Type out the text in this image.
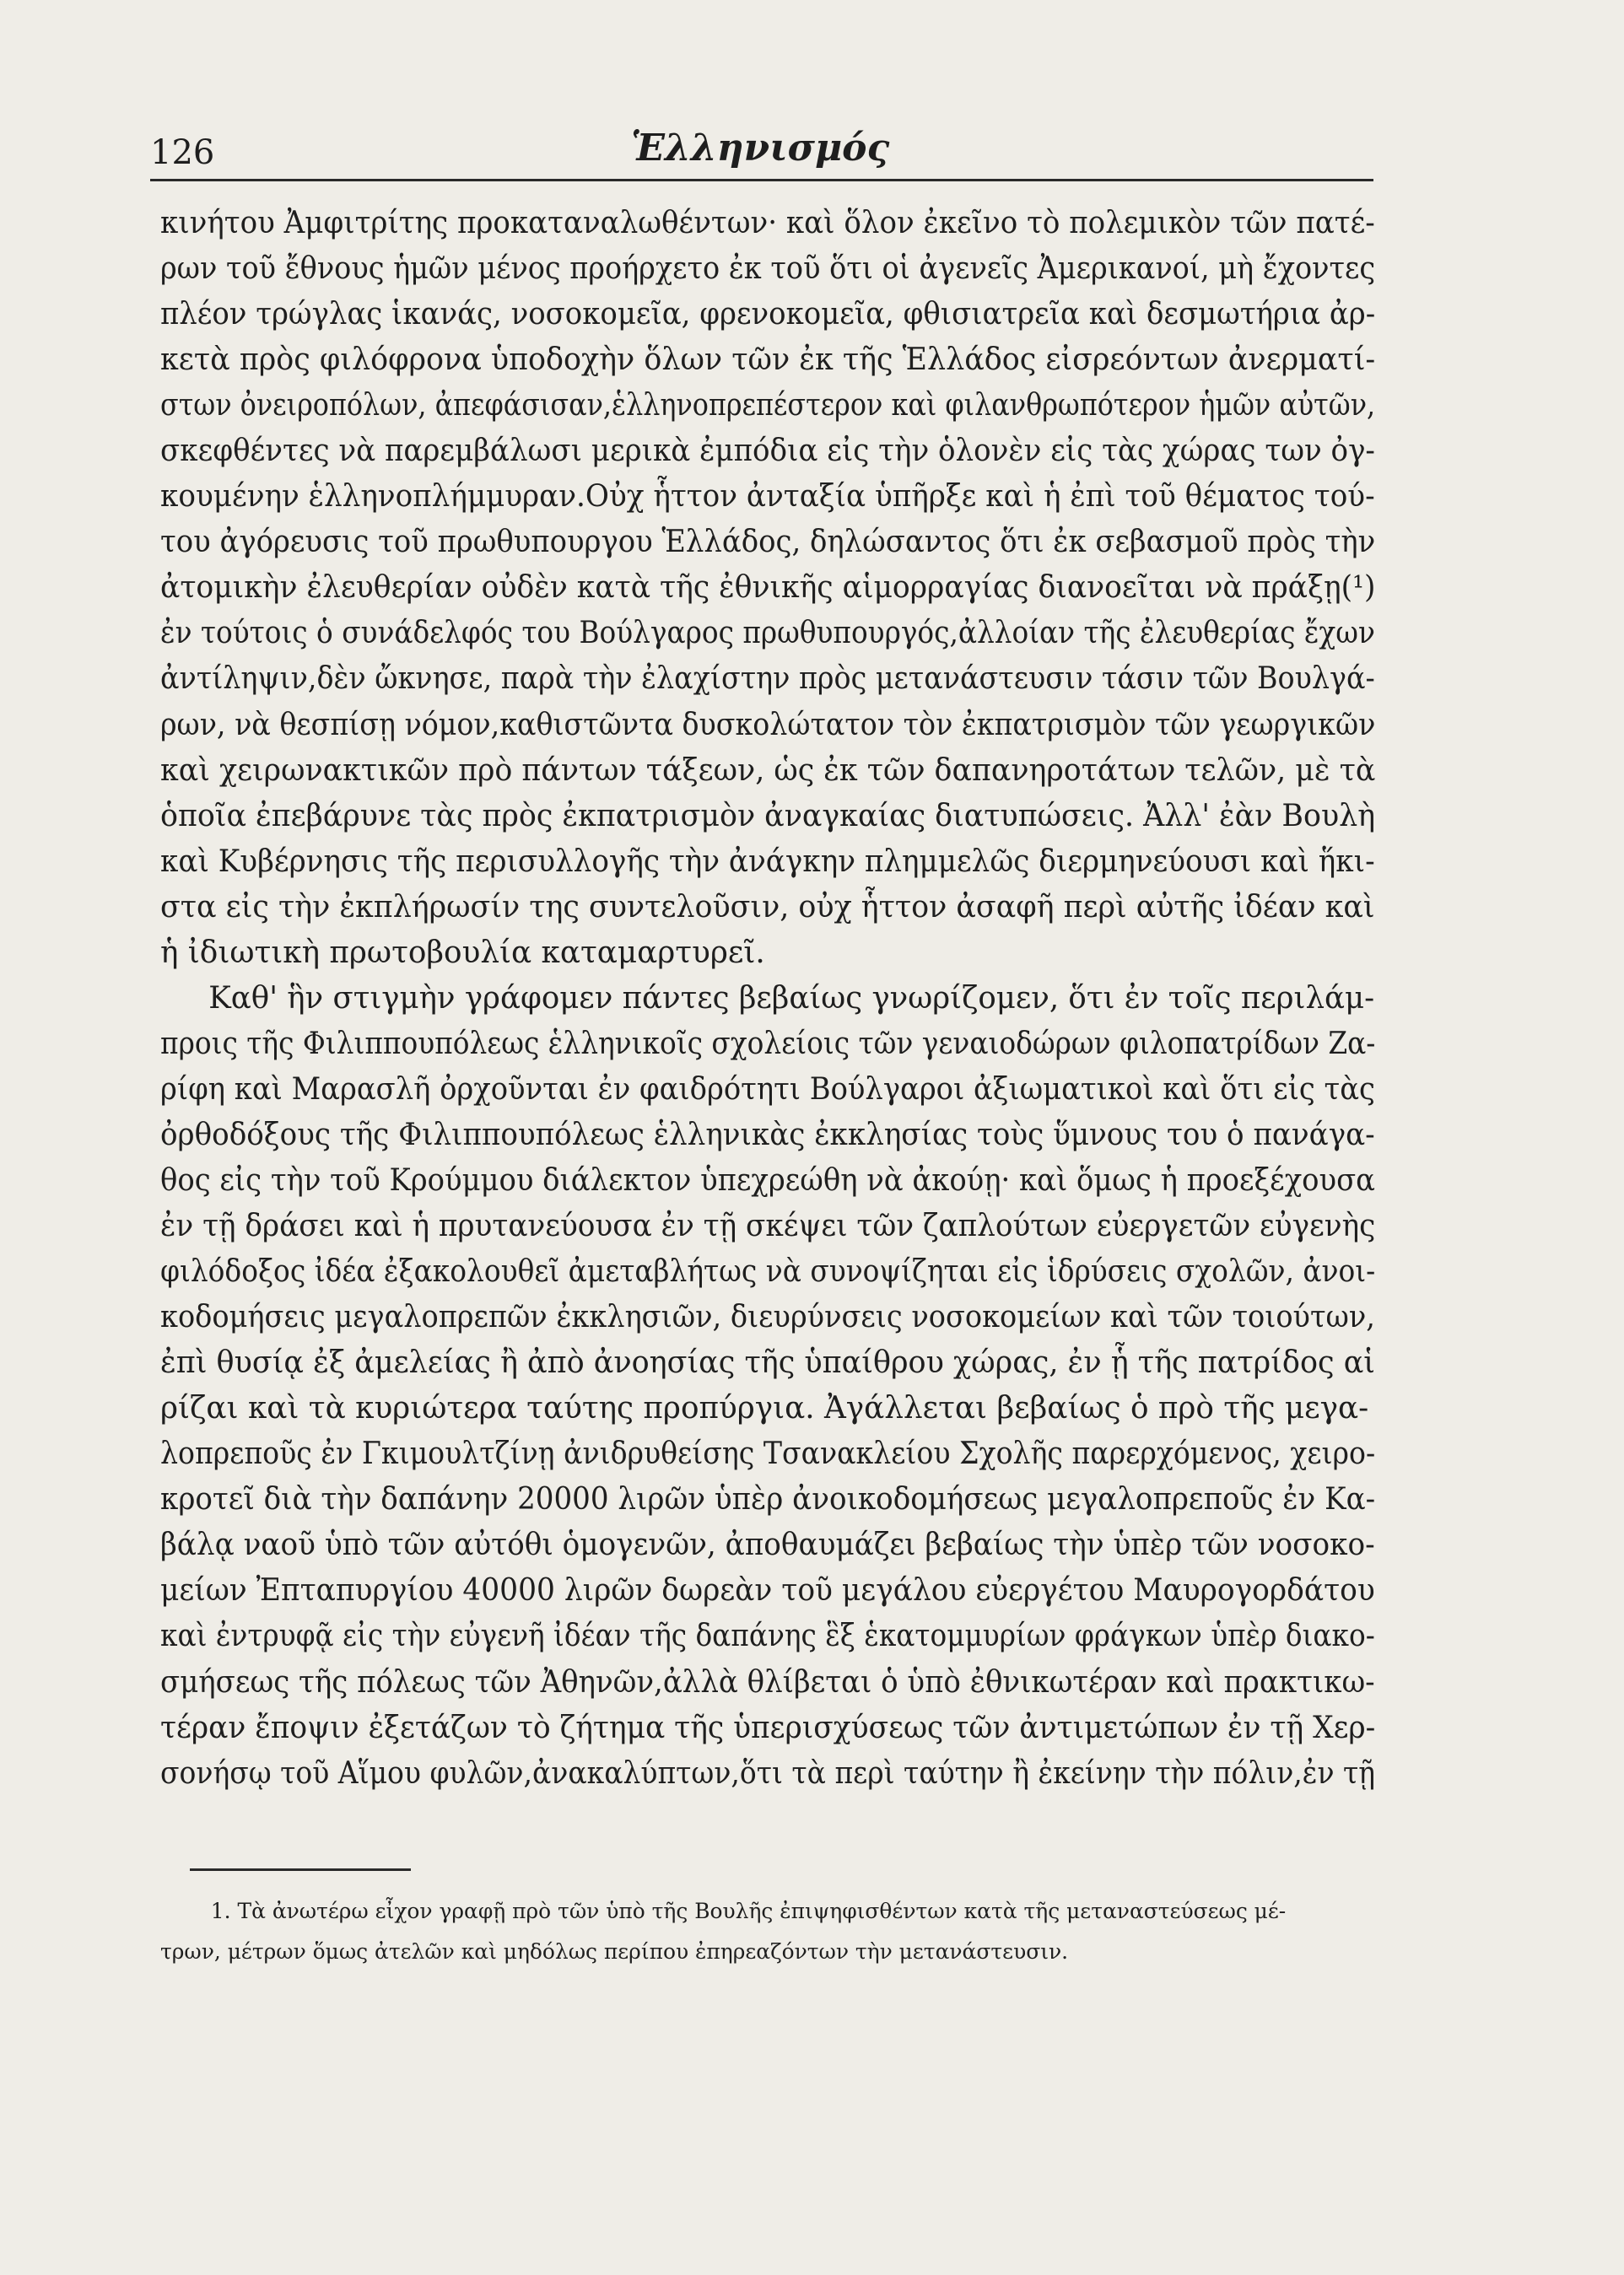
126	Ἑλληνισμός
κινήτου Ἀμφιτρίτης προκαταναλωθέντων· καὶ ὅλον ἐκεῖνο τὸ πολεμικὸν τῶν πατέ-
ρων τοῦ ἔθνους ἡμῶν μένος προήρχετο ἐκ τοῦ ὅτι οἱ ἀγενεῖς Ἀμερικανοί, μὴ ἔχοντες
πλέον τρώγλας ἱκανάς, νοσοκομεῖα, φρενοκομεῖα, φθισιατρεῖα καὶ δεσμωτήρια ἀρ-
κετὰ πρὸς φιλόφρονα ὑποδοχὴν ὅλων τῶν ἐκ τῆς Ἑλλάδος εἰσρεόντων ἀνερματί-
στων ὀνειροπόλων, ἀπεφάσισαν,ἑλληνοπρεπέστερον καὶ φιλανθρωπότερον ἡμῶν αὐτῶν,
σκεφθέντες νὰ παρεμβάλωσι μερικὰ ἐμπόδια εἰς τὴν ὁλονὲν εἰς τὰς χώρας των ὀγ-
κουμένην ἑλληνοπλήμμυραν.Οὐχ ἧττον ἀνταξία ὑπῆρξε καὶ ἡ ἐπὶ τοῦ θέματος τού-
του ἀγόρευσις τοῦ πρωθυπουργου Ἑλλάδος, δηλώσαντος ὅτι ἐκ σεβασμοῦ πρὸς τὴν
ἀτομικὴν ἐλευθερίαν οὐδὲν κατὰ τῆς ἐθνικῆς αἱμορραγίας διανοεῖται νὰ πράξῃ(¹)
ἐν τούτοις ὁ συνάδελφός του Βούλγαρος πρωθυπουργός,ἀλλοίαν τῆς ἐλευθερίας ἔχων
ἀντίληψιν,δὲν ὤκνησε, παρὰ τὴν ἐλαχίστην πρὸς μετανάστευσιν τάσιν τῶν Βουλγά-
ρων, νὰ θεσπίσῃ νόμον,καθιστῶντα δυσκολώτατον τὸν ἐκπατρισμὸν τῶν γεωργικῶν
καὶ χειρωνακτικῶν πρὸ πάντων τάξεων, ὡς ἐκ τῶν δαπανηροτάτων τελῶν, μὲ τὰ
ὁποῖα ἐπεβάρυνε τὰς πρὸς ἐκπατρισμὸν ἀναγκαίας διατυπώσεις. Ἀλλ' ἐὰν Βουλὴ
καὶ Κυβέρνησις τῆς περισυλλογῆς τὴν ἀνάγκην πλημμελῶς διερμηνεύουσι καὶ ἥκι-
στα εἰς τὴν ἐκπλήρωσίν της συντελοῦσιν, οὐχ ἧττον ἀσαφῆ περὶ αὐτῆς ἰδέαν καὶ
ἡ ἰδιωτικὴ πρωτοβουλία καταμαρτυρεῖ.
Καθ' ἣν στιγμὴν γράφομεν πάντες βεβαίως γνωρίζομεν, ὅτι ἐν τοῖς περιλάμ-
προις τῆς Φιλιππουπόλεως ἑλληνικοῖς σχολείοις τῶν γεναιοδώρων φιλοπατρίδων Ζα-
ρίφη καὶ Μαρασλῆ ὀρχοῦνται ἐν φαιδρότητι Βούλγαροι ἀξιωματικοὶ καὶ ὅτι εἰς τὰς
ὀρθοδόξους τῆς Φιλιππουπόλεως ἑλληνικὰς ἐκκλησίας τοὺς ὕμνους του ὁ πανάγα-
θος εἰς τὴν τοῦ Κρούμμου διάλεκτον ὑπεχρεώθη νὰ ἀκούῃ· καὶ ὅμως ἡ προεξέχουσα
ἐν τῇ δράσει καὶ ἡ πρυτανεύουσα ἐν τῇ σκέψει τῶν ζαπλούτων εὐεργετῶν εὐγενὴς
φιλόδοξος ἰδέα ἐξακολουθεῖ ἀμεταβλήτως νὰ συνοψίζηται εἰς ἱδρύσεις σχολῶν, ἀνοι-
κοδομήσεις μεγαλοπρεπῶν ἐκκλησιῶν, διευρύνσεις νοσοκομείων καὶ τῶν τοιούτων,
ἐπὶ θυσίᾳ ἐξ ἀμελείας ἢ ἀπὸ ἀνοησίας τῆς ὑπαίθρου χώρας, ἐν ᾗ τῆς πατρίδος αἱ
ρίζαι καὶ τὰ κυριώτερα ταύτης προπύργια. Ἀγάλλεται βεβαίως ὁ πρὸ τῆς μεγα-
λοπρεποῦς ἐν Γκιμουλτζίνῃ ἀνιδρυθείσης Τσανακλείου Σχολῆς παρερχόμενος, χειρο-
κροτεῖ διὰ τὴν δαπάνην 20000 λιρῶν ὑπὲρ ἀνοικοδομήσεως μεγαλοπρεποῦς ἐν Κα-
βάλᾳ ναοῦ ὑπὸ τῶν αὐτόθι ὁμογενῶν, ἀποθαυμάζει βεβαίως τὴν ὑπὲρ τῶν νοσοκο-
μείων Ἐπταπυργίου 40000 λιρῶν δωρεὰν τοῦ μεγάλου εὐεργέτου Μαυρογορδάτου
καὶ ἐντρυφᾷ εἰς τὴν εὐγενῆ ἰδέαν τῆς δαπάνης ἓξ ἑκατομμυρίων φράγκων ὑπὲρ διακο-
σμήσεως τῆς πόλεως τῶν Ἀθηνῶν,ἀλλὰ θλίβεται ὁ ὑπὸ ἐθνικωτέραν καὶ πρακτικω-
τέραν ἔποψιν ἐξετάζων τὸ ζήτημα τῆς ὑπερισχύσεως τῶν ἀντιμετώπων ἐν τῇ Χερ-
σονήσῳ τοῦ Αἵμου φυλῶν,ἀνακαλύπτων,ὅτι τὰ περὶ ταύτην ἢ ἐκείνην τὴν πόλιν,ἐν τῇ
1. Τὰ ἀνωτέρω εἶχον γραφῇ πρὸ τῶν ὑπὸ τῆς Βουλῆς ἐπιψηφισθέντων κατὰ τῆς μεταναστεύσεως μέ-
τρων, μέτρων ὅμως ἀτελῶν καὶ μηδόλως περίπου ἐπηρεαζόντων τὴν μετανάστευσιν.
